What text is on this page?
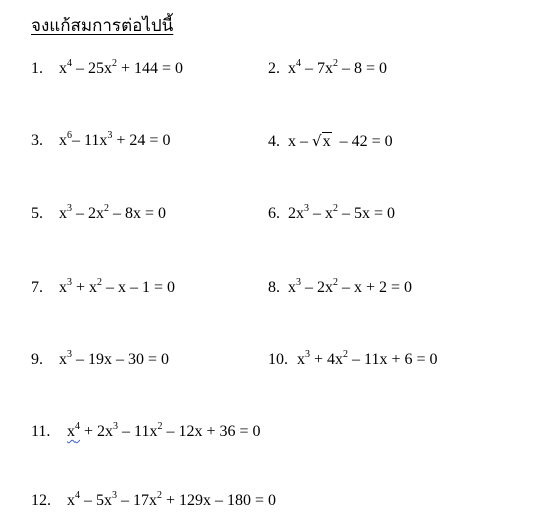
จงแก้สมการต่อไปนี้
1. $x^4 - 25x^2 + 144 = 0$	2. $x^4 - 7x^2 - 8 = 0$
3. $x^6-$ $11x^3 + 24 = 0$	4. x – √x  – 42 = 0
5. $x^3 - 2x^2 - 8x = 0$	6. $2x^3 - x^2 - 5x = 0$
7. $x^3 + x^2 - x - 1 = 0$	8. $x^3 - 2x^2 - x + 2 = 0$
9. $x^3 - 19x - 30 = 0$	10. $x^3 + 4x^2 - 11x + 6 = 0$
11. $x^4 + 2x^3 - 11x^2 - 12x + 36 = 0$
12. $x^4 - 5x^3 - 17x^2 + 129x - 180 = 0$
